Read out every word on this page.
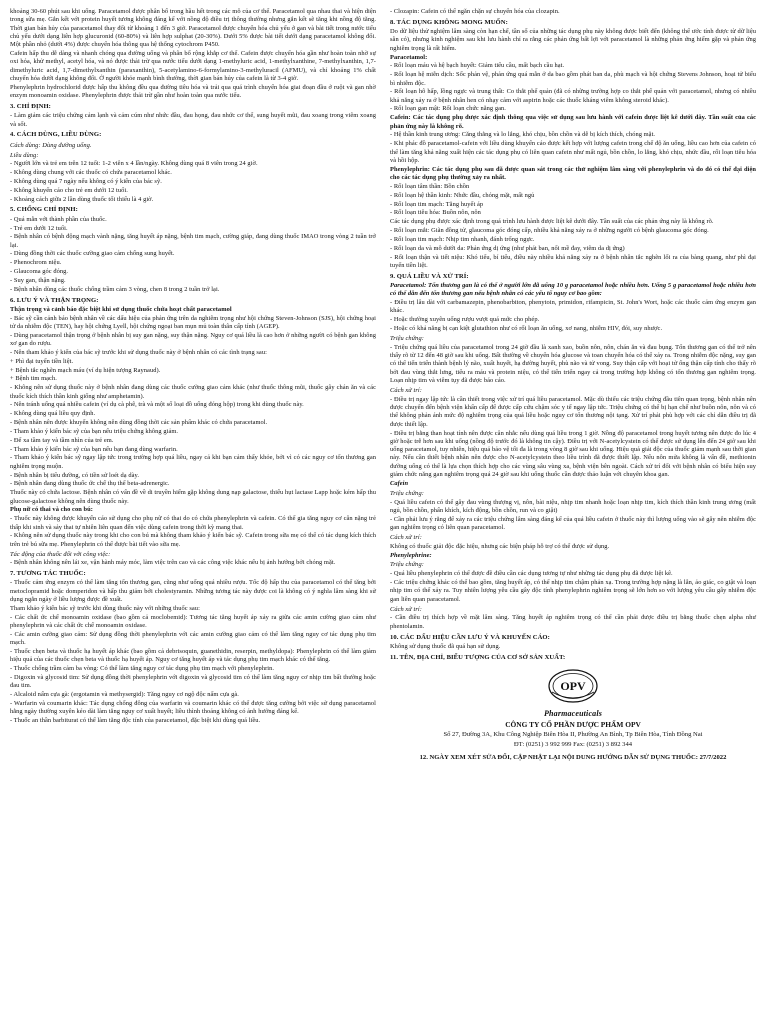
khoảng 30-60 phút sau khi uống. Paracetamol được phân bố trong hầu hết trong các mô của cơ thể. Paracetamol qua nhau thai và hiện diện trong sữa mẹ. Gắn kết với protein huyết tương không đáng kể với nồng độ điều trị thông thường nhưng gắn kết sẽ tăng khi nồng độ tăng. Thời gian bán hủy của paracetamol thay đổi từ khoảng 1 đến 3 giờ. Paracetamol được chuyển hóa chủ yếu ở gan và bài tiết trong nước tiểu chủ yếu dưới dạng liên hợp glucuronid (60-80%) và liên hợp sulphat (20-30%). Dưới 5% được bài tiết dưới dạng paracetamol không đổi. Một phần nhỏ (dưới 4%) được chuyển hóa thông qua hệ thống cytochrom P450.

Cafein hấp thu dễ dàng và nhanh chóng qua đường uống và phân bố rộng khắp cơ thể. Cafein được chuyển hóa gần như hoàn toàn nhờ sự oxi hóa, khử methyl, acetyl hóa, và nó được thải trừ qua nước tiểu dưới dạng 1-methyluric acid, 1-methylxanthine, 7-methylxanthin, 1,7-dimethyluric acid, 1,7-dimethylxanthin (paraxanthin), 5-acetylamino-6-formylamino-3-methyluracil (AFMU), và chỉ khoảng 1% chất chuyển hóa dưới dạng không đổi. Ở người khỏe mạnh bình thường, thời gian bán hủy của cafein là từ 3-4 giờ.

Phenylephrin hydrochlorid được hấp thu không đều qua đường tiêu hóa và trải qua quá trình chuyển hóa giai đoạn đầu ở ruột và gan nhờ enzym monoamin oxidase. Phenylephrin được thải trừ gần như hoàn toàn qua nước tiểu.

3. CHỈ ĐỊNH:

- Làm giảm các triệu chứng cảm lạnh và cảm cúm như nhức đầu, đau họng, đau nhức cơ thể, sung huyết mũi, đau xoang trong viêm xoang và sốt.

4. CÁCH DÙNG, LIỀU DÙNG:

Cách dùng: Dùng đường uống.

Liều dùng:

- Người lớn và trẻ em trên 12 tuổi: 1-2 viên x 4 lần/ngày. Không dùng quá 8 viên trong 24 giờ.

- Không dùng chung với các thuốc có chứa paracetamol khác.

- Không dùng quá 7 ngày nếu không có ý kiến của bác sỹ.

- Không khuyến cáo cho trẻ em dưới 12 tuổi.

- Khoảng cách giữa 2 lần dùng thuốc tối thiểu là 4 giờ.

5. CHỐNG CHỈ ĐỊNH:

- Quá mẫn với thành phần của thuốc.

- Trẻ em dưới 12 tuổi.

- Bệnh nhân có bệnh động mạch vành nặng, tăng huyết áp nặng, bệnh tim mạch, cường giáp, đang dùng thuốc IMAO trong vòng 2 tuần trở lại.

- Dùng đồng thời các thuốc cường giao cảm chống sung huyết.

- Phenochrom niệu.

- Glaucoma góc đóng.

- Suy gan, thận nặng.

- Bệnh nhân dùng các thuốc chống trầm cảm 3 vòng, chen 8 trong 2 tuần trở lại.

6. LƯU Ý VÀ THẬN TRỌNG:

Thận trọng và cảnh báo đặc biệt khi sử dụng thuốc chứa hoạt chất paracetamol

- Bác sỹ cần cảnh báo bệnh nhân về các dấu hiệu của phản ứng trên da nghiêm trọng như hội chứng Steven-Johnson (SJS), hội chứng hoại tử da nhiễm độc (TEN), hay hội chứng Lyell, hội chứng ngoại ban mụn mủ toàn thân cấp tính (AGEP).

- Dùng paracetamol thận trọng ở bệnh nhân bị suy gan nặng, suy thận nặng. Nguy cơ quá liều là cao hơn ở những người có bệnh gan không xơ gan do rượu.

- Nên tham khảo ý kiến của bác sỹ trước khi sử dụng thuốc này ở bệnh nhân có các tình trạng sau:

+ Phì đại tuyến tiền liệt.

+ Bệnh tắc nghẽn mạch máu (ví dụ hiện tượng Raynaud).

+ Bệnh tim mạch.

- Không nên sử dụng thuốc này ở bệnh nhân đang dùng các thuốc cường giao cảm khác (như thuốc thông mũi, thuốc gây chán ăn và các thuốc kích thích thần kinh giống như amphetamin).

- Nên tránh uống quá nhiều cafein (ví dụ cà phê, trà và một số loại đồ uống đóng hộp) trong khi dùng thuốc này.

- Không dùng quá liều quy định.

- Bệnh nhân nên được khuyến không nên dùng đồng thời các sản phẩm khác có chứa paracetamol.

- Tham khảo ý kiến bác sỹ của bạn nếu triệu chứng không giảm.

- Để xa tầm tay và tầm nhìn của trẻ em.

- Tham khảo ý kiến bác sỹ của bạn nếu bạn đang dùng warfarin.

- Tham khảo ý kiến bác sỹ ngay lập tức trong trường hợp quá liều, ngay cả khi bạn cảm thấy khỏe, bởi vì có các nguy cơ tổn thương gan nghiêm trọng muộn.

- Bệnh nhân bị tiểu đường, có tiền sử loét dạ dày.

- Bệnh nhân đang dùng thuốc ức chế thụ thể beta-adrenergic.

Thuốc này có chứa lactose. Bệnh nhân có vấn đề về di truyền hiếm gặp không dung nạp galactose, thiếu hụt lactase Lapp hoặc kém hấp thu glucose-galactose không nên dùng thuốc này.

Phụ nữ có thai và cho con bú:

- Thuốc này không được khuyến cáo sử dụng cho phụ nữ có thai do có chứa phenylephrin và cafein. Có thể gia tăng nguy cơ cân nặng trẻ thấp khi sinh và sảy thai tự nhiên liên quan đến việc dùng cafein trong thời kỳ mang thai.

- Không nên sử dụng thuốc này trong khi cho con bú mà không tham khảo ý kiến bác sỹ. Cafein trong sữa mẹ có thể có tác dụng kích thích trên trẻ bú sữa mẹ. Phenylephrin có thể được bài tiết vào sữa mẹ.

Tác động của thuốc đối với công việc:

- Bệnh nhân không nên lái xe, vận hành máy móc, làm việc trên cao và các công việc khác nếu bị ảnh hưởng bởi chóng mặt.

7. TƯƠNG TÁC THUỐC:

- Thuốc cảm ứng enzym có thể làm tăng tổn thương gan, cũng như uống quá nhiều rượu. Tốc độ hấp thu của paracetamol có thể tăng bởi metoclopramid hoặc domperidon và hấp thu giảm bởi cholestyramin. Những tương tác này được coi là không có ý nghĩa lâm sàng khi sử dụng ngắn ngày ở liều lượng được đề xuất.

Tham khảo ý kiến bác sỹ trước khi dùng thuốc này với những thuốc sau:

- Các chất ức chế monoamin oxidase (bao gồm cả moclobemid): Tương tác tăng huyết áp xảy ra giữa các amin cường giao cảm như phenylephrin và các chất ức chế monoamin oxidase.

- Các amin cường giao cảm: Sử dụng đồng thời phenylephrin với các amin cường giao cảm có thể làm tăng nguy cơ tác dụng phụ tim mạch.

- Thuốc chẹn beta và thuốc hạ huyết áp khác (bao gồm cả debrisoquin, guanethidin, reserpin, methyldopa): Phenylephrin có thể làm giảm hiệu quả của các thuốc chẹn beta và thuốc hạ huyết áp. Nguy cơ tăng huyết áp và tác dụng phụ tim mạch khác có thể tăng.

- Thuốc chống trầm cảm ba vòng: Có thể làm tăng nguy cơ tác dụng phụ tim mạch với phenylephrin.

- Digoxin và glycosid tim: Sử dụng đồng thời phenylephrin với digoxin và glycosid tim có thể làm tăng nguy cơ nhịp tim bất thường hoặc đau tim.

- Alcaloid nấm cựa gà: (ergotamin và methysergid): Tăng nguy cơ ngộ độc nấm cựa gà.

- Warfarin và coumarin khác: Tác dụng chống đông của warfarin và coumarin khác có thể được tăng cường bởi việc sử dụng paracetamol hằng ngày thường xuyên kéo dài làm tăng nguy cơ xuất huyết; liều thình thoảng không có ảnh hưởng đáng kể.

- Thuốc an thần barbiturat có thể làm tăng độc tính của paracetamol, đặc biệt khi dùng quá liều.

- Clozapin: Cafein có thể ngăn chặn sự chuyển hóa của clozapin.

8. TÁC DỤNG KHÔNG MONG MUỐN:

Do dữ liệu thử nghiệm lâm sàng còn hạn chế, tần số của những tác dụng phụ này không được biết đến (không thể ước tính được từ dữ liệu sẵn có), nhưng kinh nghiệm sau khi lưu hành chỉ ra rằng các phản ứng bất lợi với paracetamol là những phản ứng hiếm gặp và phản ứng nghiêm trọng là rất hiếm.

Paracetamol:

- Rối loạn máu và hệ bạch huyết: Giảm tiểu cầu, mất bạch cầu hạt.

- Rối loạn hệ miễn dịch: Sốc phản vệ, phản ứng quá mẫn ở da bao gồm phát ban da, phù mạch và hội chứng Stevens Johnson, hoại tử biểu bì nhiễm độc.

- Rối loạn hô hấp, lồng ngực và trung thất: Co thắt phế quản (đã có những trường hợp co thắt phế quản với paracetamol, nhưng có nhiều khả năng xảy ra ở bệnh nhân hen có nhạy cảm với aspirin hoặc các thuốc kháng viêm không steroid khác).

- Rối loạn gan mật: Rối loạn chức năng gan.

Cafein: Các tác dụng phụ được xác định thông qua việc sử dụng sau lưu hành với cafein được liệt kê dưới đây. Tần suất của các phản ứng này là không rõ.

- Hệ thần kinh trung ương: Căng thẳng và lo lắng, khó chịu, bồn chồn và dễ bị kích thích, chóng mặt.

- Khi phác đồ paracetamol-cafein với liều dùng khuyến cáo được kết hợp với lượng cafein trong chế độ ăn uống, liều cao hơn của cafein có thể làm tăng khả năng xuất hiện các tác dụng phụ có liên quan cafein như mất ngủ, bồn chồn, lo lắng, khó chịu, nhức đầu, rối loạn tiêu hóa và hồi hộp.

Phenylephrin: Các tác dụng phụ sau đã được quan sát trong các thử nghiệm lâm sàng với phenylephrin và do đó có thể đại diện cho các tác dụng phụ thường xảy ra nhất.

- Rối loạn tâm thần: Bồn chồn

- Rối loạn hệ thần kinh: Nhức đầu, chóng mặt, mất ngủ

- Rối loạn tim mạch: Tăng huyết áp

- Rối loạn tiêu hóa: Buồn nôn, nôn

Các tác dụng phụ được xác định trong quá trình lưu hành được liệt kê dưới đây. Tần suất của các phản ứng này là không rõ.

- Rối loạn mắt: Giãn đồng tử, glaucoma góc đóng cấp, nhiều khả năng xảy ra ở những người có bệnh glaucoma góc đóng.

- Rối loạn tim mạch: Nhịp tim nhanh, đánh trống ngực.

- Rối loạn da và mô dưới da: Phản ứng dị ứng (như phát ban, nổi mề đay, viêm da dị ứng)

- Rối loạn thận và tiết niệu: Khó tiểu, bí tiểu, điều này nhiều khả năng xảy ra ở bệnh nhân tắc nghẽn lối ra của bàng quang, như phì đại tuyến tiền liệt.

9. QUÁ LIỀU VÀ XỬ TRÍ:

Paracetamol: Tổn thương gan là có thể ở người lớn đã uống 10 g paracetamol hoặc nhiều hơn. Uống 5 g paracetamol hoặc nhiều hơn có thể dẫn đến tổn thương gan nếu bệnh nhân có các yếu tố nguy cơ bao gồm:

- Điều trị lâu dài với carbamazepin, phenobarbiton, phenytoin, primidon, rifampicin, St. John's Wort, hoặc các thuốc cảm ứng enzym gan khác.

- Hoặc thường xuyên uống rượu vượt quá mức cho phép.

- Hoặc có khả năng bị cạn kiệt glutathion như có rối loạn ăn uống, xơ nang, nhiễm HIV, đói, suy nhược.

Triệu chứng:

- Triệu chứng quá liều của paracetamol trong 24 giờ đầu là xanh xao, buồn nôn, nôn, chán ăn và đau bụng. Tổn thương gan có thể trở nên thấy rõ từ 12 đến 48 giờ sau khi uống. Bất thường về chuyển hóa glucose và toan chuyển hóa có thể xảy ra. Trong nhiễm độc nặng, suy gan có thể tiến triển thành bệnh lý não, xuất huyết, hạ đường huyết, phù não và tử vong. Suy thận cấp với hoại tử ống thận cấp tính cho thấy rõ bởi đau vùng thắt lưng, tiểu ra máu và protein niệu, có thể tiến triển ngay cả trong trường hợp không có tổn thương gan nghiêm trọng. Loạn nhịp tim và viêm tụy đã được báo cáo.

Cách xử trí:

- Điều trị ngay lập tức là cần thiết trong việc xử trí quá liều paracetamol. Mặc dù thiếu các triệu chứng đầu tiên quan trọng, bệnh nhân nên được chuyển đến bệnh viện khẩn cấp để được cấp cứu chậm sóc y tế ngay lập tức. Triệu chứng có thể bị hạn chế như buồn nôn, nôn và có thể không phản ánh mức độ nghiêm trọng của quá liều hoặc nguy cơ tổn thương nội tạng. Xử trí phải phù hợp với các chỉ dẫn điều trị đã được thiết lập.

- Điều trị bằng than hoạt tính nên được cân nhắc nếu dùng quá liều trong 1 giờ. Nồng độ paracetamol trong huyết tương nên được đo lúc 4 giờ hoặc trễ hơn sau khi uống (nồng độ trước đó là không tin cậy). Điều trị với N-acetylcystein có thể được sử dụng lên đến 24 giờ sau khi uống paracetamol, tuy nhiên, hiệu quả bảo vệ tối đa là trong vòng 8 giờ sau khi uống. Hiệu quả giải độc của thuốc giảm mạnh sau thời gian này. Nếu cần thiết bệnh nhân nên được cho N-acetylcystein theo liều trình đã được thiết lập. Nếu nôn mửa không là vấn đề, methionin đường uống có thể là lựa chọn thích hợp cho các vùng sâu vùng xa, bệnh viện bên ngoài. Cách xử trí đối với bệnh nhân có biểu hiện suy giảm chức năng gan nghiêm trọng quá 24 giờ sau khi uống thuốc cần được thảo luận với chuyên khoa gan.

Cafein

Triệu chứng:

- Quá liều cafein có thể gây đau vùng thượng vị, nôn, bài niệu, nhịp tim nhanh hoặc loạn nhịp tim, kích thích thần kinh trung ương (mất ngủ, bồn chồn, phấn khích, kích động, bồn chồn, run và co giật)

- Cần phải lưu ý rằng để xảy ra các triệu chứng lâm sàng đáng kể của quá liều cafein ở thuốc này thì lượng uống vào sẽ gây nên nhiễm độc gan nghiêm trọng có liên quan paracetamol.

Cách xử trí:

Không có thuốc giải độc đặc hiệu, nhưng các biện pháp hỗ trợ có thể được sử dụng.

Phenylephrine:

Triệu chứng:

- Quá liều phenylephrin có thể được đề điều cần các dụng tương tự như những tác dụng phụ đã được liệt kê.

- Các triệu chứng khác có thể bao gồm, tăng huyết áp, có thể nhịp tim chậm phản xạ. Trong trường hợp nặng là lẫn, ảo giác, co giật và loạn nhịp tim có thể xảy ra. Tuy nhiên lượng yêu cầu gây độc tính phenylephrin nghiêm trọng sẽ lớn hơn so với lượng yêu cầu gây nhiễm độc gan liên quan paracetamol.

Cách xử trí:

- Cần điều trị thích hợp về mặt lâm sàng. Tăng huyết áp nghiêm trọng có thể cần phải được điều trị bằng thuốc chẹn alpha như phentolamin.

10. CÁC DẤU HIỆU CẦN LƯU Ý VÀ KHUYẾN CÁO:

Không sử dụng thuốc đã quá hạn sử dụng.

11. TÊN, ĐỊA CHỈ, BIỂU TƯỢNG CỦA CƠ SỞ SẢN XUẤT:

OPV
Pharmaceuticals
CÔNG TY CỔ PHẦN DƯỢC PHẨM OPV
Số 27, Đường 3A, Khu Công Nghiệp Biên Hòa II, Phường An Bình, Tp Biên Hòa, Tỉnh Đồng Nai
ĐT: (0251) 3 992 999 Fax: (0251) 3 892 344
12. NGÀY XEM XÉT SỬA ĐỔI, CẬP NHẬT LẠI NỘI DUNG HƯỚNG DẪN SỬ DỤNG THUỐC: 27/7/2022
